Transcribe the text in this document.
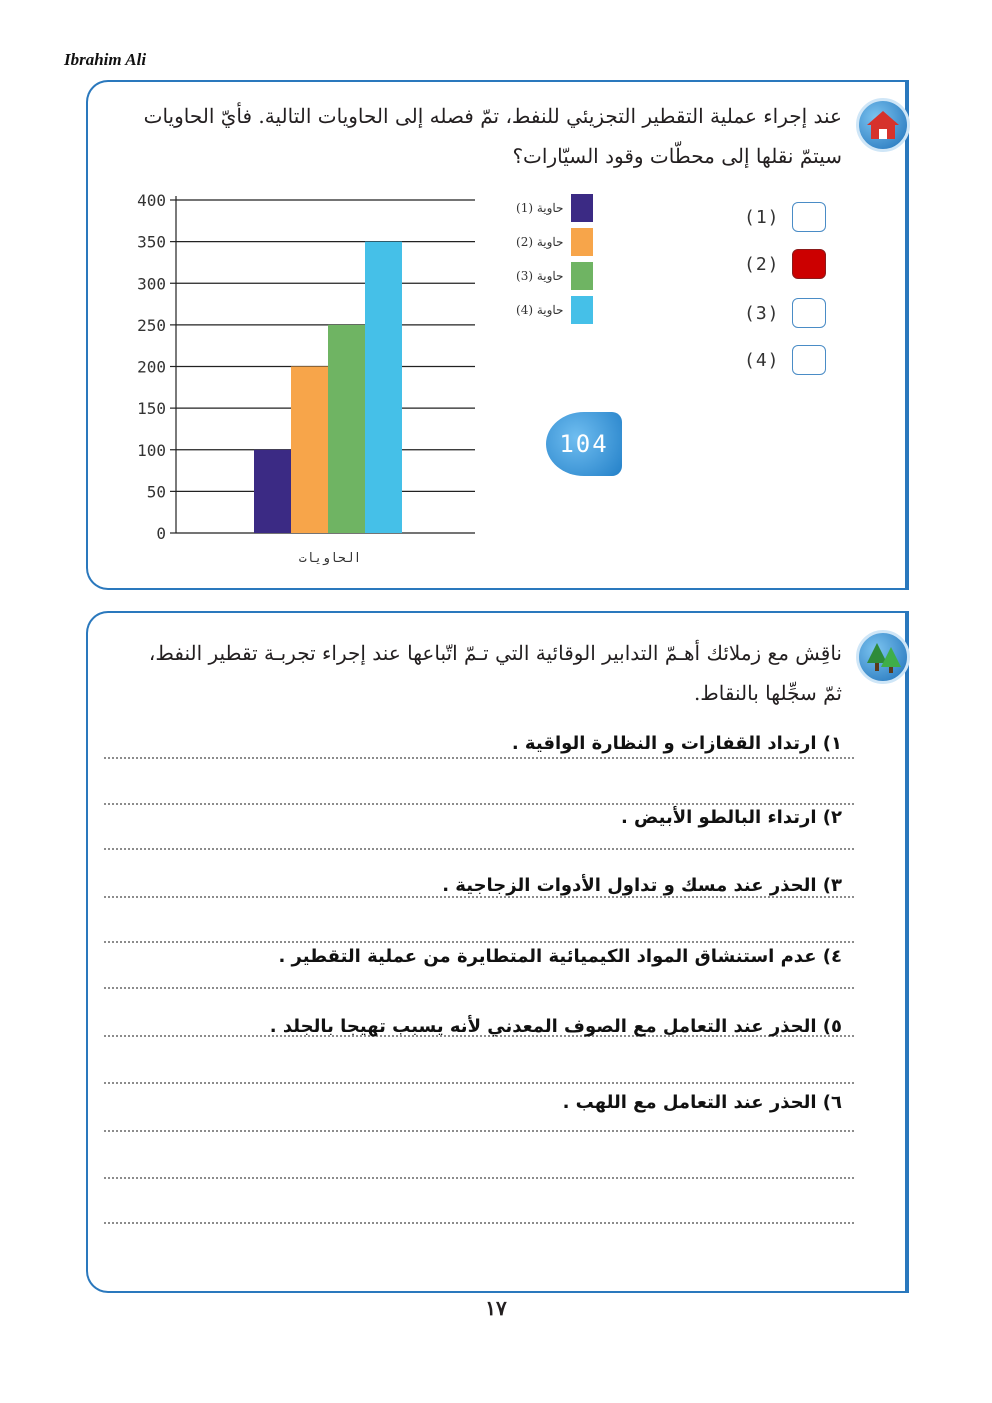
Ibrahim Ali
عند إجراء عملية التقطير التجزيئي للنفط، تمّ فصله إلى الحاويات التالية. فأيّ الحاويات
سيتمّ نقلها إلى محطّات وقود السيّارات؟
0
50
100
150
200
250
300
350
400
الحاويات
حاوية (1)
حاوية (2)
حاوية (3)
حاوية (4)
(1)
(2)
(3)
(4)
104
ناقِش مع زملائك أهـمّ التدابير الوقائية التي تـمّ اتّباعها عند إجراء تجربـة تقطير النفط،
ثمّ سجِّلها بالنقاط.
١) ارتداد القفازات و النظارة الواقية .
٢) ارتداء البالطو الأبيض .
٣) الحذر عند مسك و تداول الأدوات الزجاجية .
٤) عدم استنشاق المواد الكيميائية المتطايرة من عملية التقطير .
٥) الحذر عند التعامل مع الصوف المعدني لأنه يسبب تهيجا بالجلد .
٦) الحذر عند التعامل مع اللهب .
١٧
